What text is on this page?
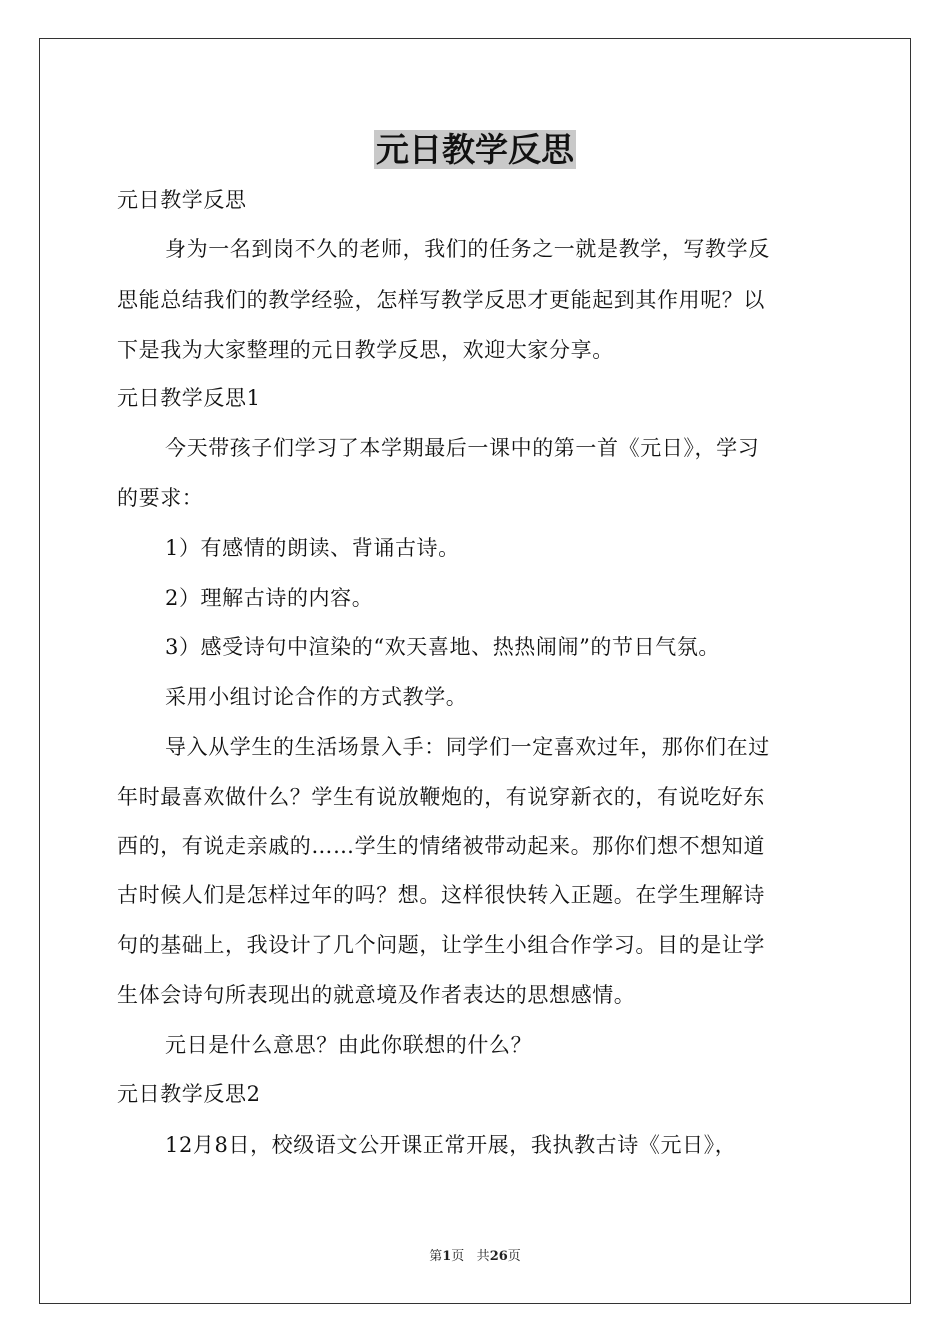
元日教学反思
元日教学反思
身为一名到岗不久的老师，我们的任务之一就是教学，写教学反
思能总结我们的教学经验，怎样写教学反思才更能起到其作用呢？以
下是我为大家整理的元日教学反思，欢迎大家分享。
元日教学反思1
今天带孩子们学习了本学期最后一课中的第一首《元日》，学习
的要求：
1）有感情的朗读、背诵古诗。
2）理解古诗的内容。
3）感受诗句中渲染的“欢天喜地、热热闹闹”的节日气氛。
采用小组讨论合作的方式教学。
导入从学生的生活场景入手：同学们一定喜欢过年，那你们在过
年时最喜欢做什么？学生有说放鞭炮的，有说穿新衣的，有说吃好东
西的，有说走亲戚的……学生的情绪被带动起来。那你们想不想知道
古时候人们是怎样过年的吗？想。这样很快转入正题。在学生理解诗
句的基础上，我设计了几个问题，让学生小组合作学习。目的是让学
生体会诗句所表现出的就意境及作者表达的思想感情。
元日是什么意思？由此你联想的什么？
元日教学反思2
12月8日，校级语文公开课正常开展，我执教古诗《元日》，
第1页 共26页
